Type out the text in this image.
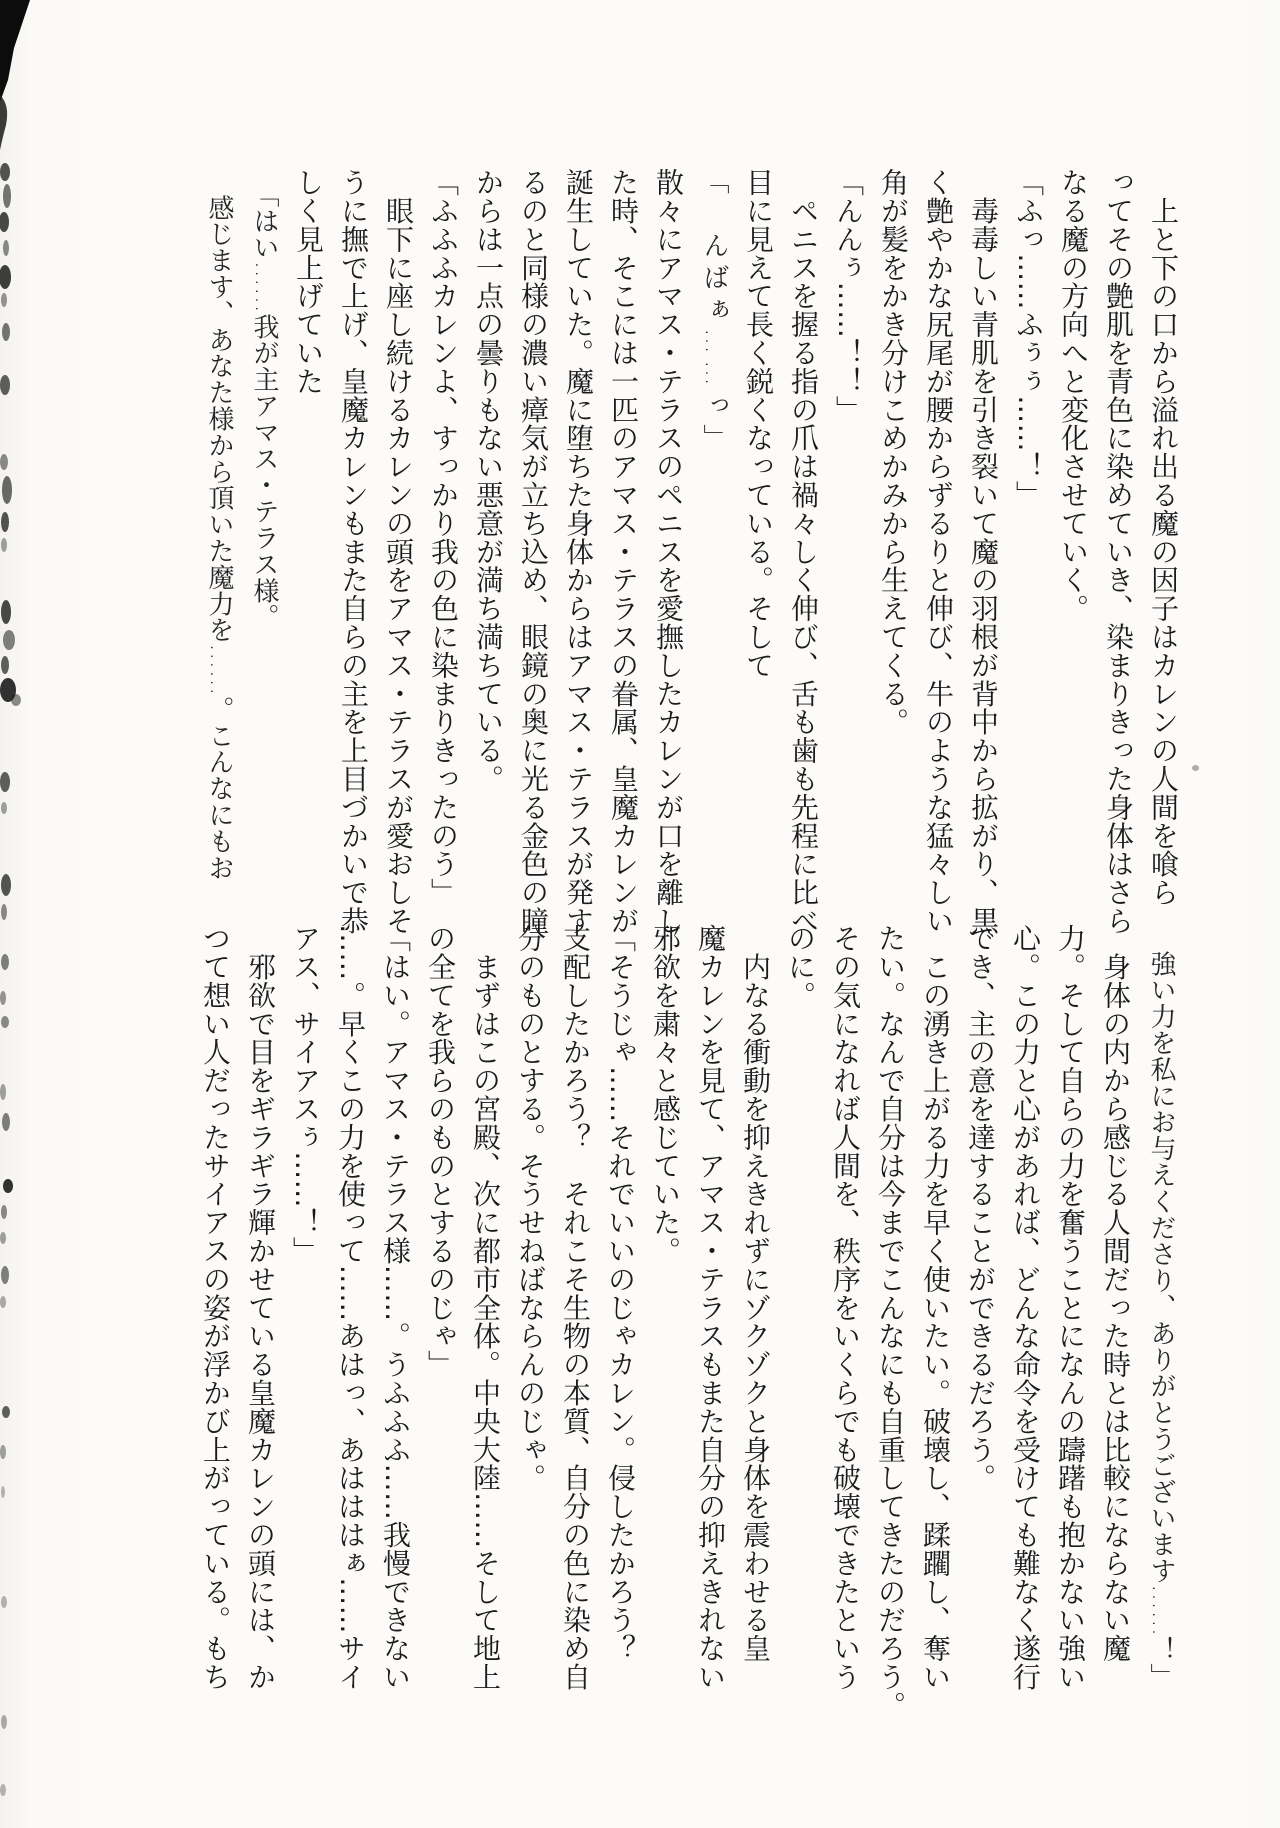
　上と下の口から溢れ出る魔の因子はカレンの人間を喰ら

ってその艶肌を青色に染めていき、染まりきった身体はさら

なる魔の方向へと変化させていく。

「ふっ……ふぅぅ……！」

　毒毒しい青肌を引き裂いて魔の羽根が背中から拡がり、黒

く艶やかな尻尾が腰からずるりと伸び、牛のような猛々しい

角が髪をかき分けこめかみから生えてくる。

「んんぅ……！！」

　ペニスを握る指の爪は禍々しく伸び、舌も歯も先程に比べ

目に見えて長く鋭くなっている。そして

「　んばぁ……っ」

散々にアマス・テラスのペニスを愛撫したカレンが口を離し

た時、そこには一匹のアマス・テラスの眷属、皇魔カレンが

誕生していた。魔に堕ちた身体からはアマス・テラスが発す

るのと同様の濃い瘴気が立ち込め、眼鏡の奥に光る金色の瞳

からは一点の曇りもない悪意が満ち満ちている。

「ふふふカレンよ、すっかり我の色に染まりきったのう」

　眼下に座し続けるカレンの頭をアマス・テラスが愛おしそ

うに撫で上げ、皇魔カレンもまた自らの主を上目づかいで恭

しく見上げていた

　「はい……我が主アマス・テラス様。

　感じます、あなた様から頂いた魔力を……。こんなにもお

　強い力を私にお与えくださり、ありがとうございます……！」

　身体の内から感じる人間だった時とは比較にならない魔

力。そして自らの力を奮うことになんの躊躇も抱かない強い

心。この力と心があれば、どんな命令を受けても難なく遂行

でき、主の意を達することができるだろう。

　この湧き上がる力を早く使いたい。破壊し、蹂躙し、奪い

たい。なんで自分は今までこんなにも自重してきたのだろう。

その気になれば人間を、秩序をいくらでも破壊できたという

のに。

　内なる衝動を抑えきれずにゾクゾクと身体を震わせる皇

魔カレンを見て、アマス・テラスもまた自分の抑えきれない

邪欲を粛々と感じていた。

「そうじゃ……それでいいのじゃカレン。侵したかろう？

支配したかろう？　それこそ生物の本質、自分の色に染め自

分のものとする。そうせねばならんのじゃ。

　まずはこの宮殿、次に都市全体。中央大陸……そして地上

の全てを我らのものとするのじゃ」

「はい。アマス・テラス様……。うふふふ……我慢できない

……。早くこの力を使って……あはっ、あはははぁ……サイ

アス、サイアスぅ……！」

　邪欲で目をギラギラ輝かせている皇魔カレンの頭には、か

つて想い人だったサイアスの姿が浮かび上がっている。もち
